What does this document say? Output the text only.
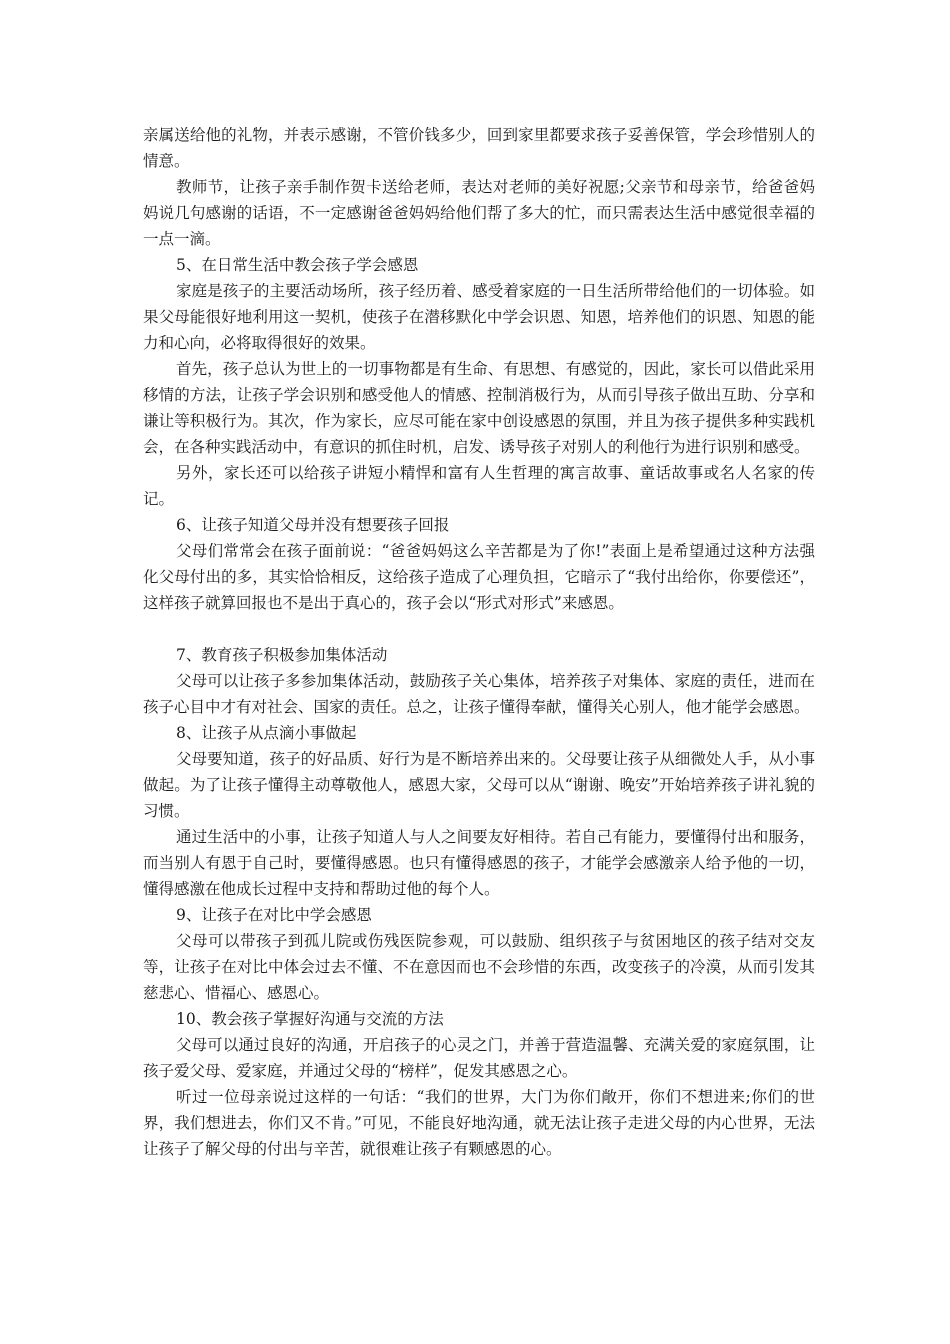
亲属送给他的礼物，并表示感谢，不管价钱多少，回到家里都要求孩子妥善保管，学会珍惜别人的情意。

教师节，让孩子亲手制作贺卡送给老师，表达对老师的美好祝愿;父亲节和母亲节，给爸爸妈妈说几句感谢的话语，不一定感谢爸爸妈妈给他们帮了多大的忙，而只需表达生活中感觉很幸福的一点一滴。

5、在日常生活中教会孩子学会感恩

家庭是孩子的主要活动场所，孩子经历着、感受着家庭的一日生活所带给他们的一切体验。如果父母能很好地利用这一契机，使孩子在潜移默化中学会识恩、知恩，培养他们的识恩、知恩的能力和心向，必将取得很好的效果。

首先，孩子总认为世上的一切事物都是有生命、有思想、有感觉的，因此，家长可以借此采用移情的方法，让孩子学会识别和感受他人的情感、控制消极行为，从而引导孩子做出互助、分享和谦让等积极行为。其次，作为家长，应尽可能在家中创设感恩的氛围，并且为孩子提供多种实践机会，在各种实践活动中，有意识的抓住时机，启发、诱导孩子对别人的利他行为进行识别和感受。

另外，家长还可以给孩子讲短小精悍和富有人生哲理的寓言故事、童话故事或名人名家的传记。

6、让孩子知道父母并没有想要孩子回报

父母们常常会在孩子面前说：“爸爸妈妈这么辛苦都是为了你!”表面上是希望通过这种方法强化父母付出的多，其实恰恰相反，这给孩子造成了心理负担，它暗示了“我付出给你，你要偿还”，这样孩子就算回报也不是出于真心的，孩子会以“形式对形式”来感恩。

7、教育孩子积极参加集体活动

父母可以让孩子多参加集体活动，鼓励孩子关心集体，培养孩子对集体、家庭的责任，进而在孩子心目中才有对社会、国家的责任。总之，让孩子懂得奉献，懂得关心别人，他才能学会感恩。

8、让孩子从点滴小事做起

父母要知道，孩子的好品质、好行为是不断培养出来的。父母要让孩子从细微处人手，从小事做起。为了让孩子懂得主动尊敬他人，感恩大家，父母可以从“谢谢、晚安”开始培养孩子讲礼貌的习惯。

通过生活中的小事，让孩子知道人与人之间要友好相待。若自己有能力，要懂得付出和服务，而当别人有恩于自己时，要懂得感恩。也只有懂得感恩的孩子，才能学会感激亲人给予他的一切，懂得感激在他成长过程中支持和帮助过他的每个人。

9、让孩子在对比中学会感恩

父母可以带孩子到孤儿院或伤残医院参观，可以鼓励、组织孩子与贫困地区的孩子结对交友等，让孩子在对比中体会过去不懂、不在意因而也不会珍惜的东西，改变孩子的冷漠，从而引发其慈悲心、惜福心、感恩心。

10、教会孩子掌握好沟通与交流的方法

父母可以通过良好的沟通，开启孩子的心灵之门，并善于营造温馨、充满关爱的家庭氛围，让孩子爱父母、爱家庭，并通过父母的“榜样”，促发其感恩之心。

听过一位母亲说过这样的一句话：“我们的世界，大门为你们敞开，你们不想进来;你们的世界，我们想进去，你们又不肯。”可见，不能良好地沟通，就无法让孩子走进父母的内心世界，无法让孩子了解父母的付出与辛苦，就很难让孩子有颗感恩的心。
